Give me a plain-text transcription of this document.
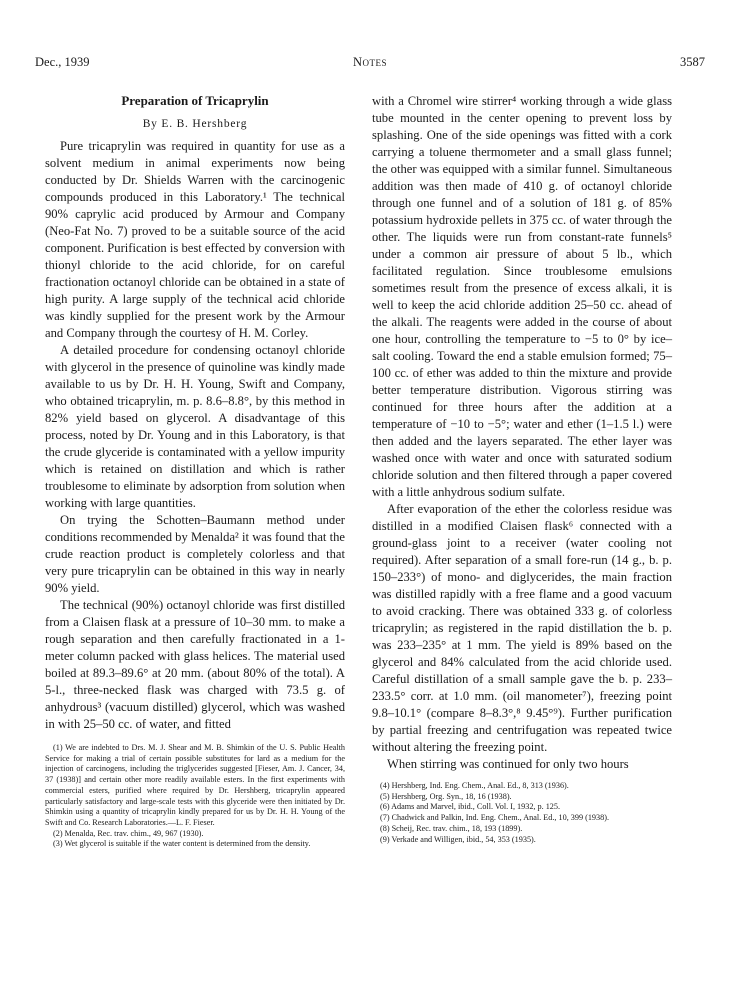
Dec., 1939	Notes	3587
Preparation of Tricaprylin
By E. B. Hershberg

Pure tricaprylin was required in quantity for use as a solvent medium in animal experiments now being conducted by Dr. Shields Warren with the carcinogenic compounds produced in this Laboratory.¹ The technical 90% caprylic acid produced by Armour and Company (Neo-Fat No. 7) proved to be a suitable source of the acid component. Purification is best effected by conversion with thionyl chloride to the acid chloride, for on careful fractionation octanoyl chloride can be obtained in a state of high purity. A large supply of the technical acid chloride was kindly supplied for the present work by the Armour and Company through the courtesy of H. M. Corley.

A detailed procedure for condensing octanoyl chloride with glycerol in the presence of quinoline was kindly made available to us by Dr. H. H. Young, Swift and Company, who obtained tricaprylin, m. p. 8.6–8.8°, by this method in 82% yield based on glycerol. A disadvantage of this process, noted by Dr. Young and in this Laboratory, is that the crude glyceride is contaminated with a yellow impurity which is retained on distillation and which is rather troublesome to eliminate by adsorption from solution when working with large quantities.

On trying the Schotten–Baumann method under conditions recommended by Menalda² it was found that the crude reaction product is completely colorless and that very pure tricaprylin can be obtained in this way in nearly 90% yield.

The technical (90%) octanoyl chloride was first distilled from a Claisen flask at a pressure of 10–30 mm. to make a rough separation and then carefully fractionated in a 1-meter column packed with glass helices. The material used boiled at 89.3–89.6° at 20 mm. (about 80% of the total). A 5-l., three-necked flask was charged with 73.5 g. of anhydrous³ (vacuum distilled) glycerol, which was washed in with 25–50 cc. of water, and fitted

(1) We are indebted to Drs. M. J. Shear and M. B. Shimkin of the U. S. Public Health Service for making a trial of certain possible substitutes for lard as a medium for the injection of carcinogens, including the triglycerides suggested [Fieser, Am. J. Cancer, 34, 37 (1938)] and certain other more readily available esters. In the first experiments with commercial esters, purified where required by Dr. Hershberg, tricaprylin appeared particularly satisfactory and large-scale tests with this glyceride were then initiated by Dr. Shimkin using a quantity of tricaprylin kindly prepared for us by Dr. H. H. Young of the Swift and Co. Research Laboratories.—L. F. Fieser.

(2) Menalda, Rec. trav. chim., 49, 967 (1930).

(3) Wet glycerol is suitable if the water content is determined from the density.

with a Chromel wire stirrer⁴ working through a wide glass tube mounted in the center opening to prevent loss by splashing. One of the side openings was fitted with a cork carrying a toluene thermometer and a small glass funnel; the other was equipped with a similar funnel. Simultaneous addition was then made of 410 g. of octanoyl chloride through one funnel and of a solution of 181 g. of 85% potassium hydroxide pellets in 375 cc. of water through the other. The liquids were run from constant-rate funnels⁵ under a common air pressure of about 5 lb., which facilitated regulation. Since troublesome emulsions sometimes result from the presence of excess alkali, it is well to keep the acid chloride addition 25–50 cc. ahead of the alkali. The reagents were added in the course of about one hour, controlling the temperature to −5 to 0° by ice–salt cooling. Toward the end a stable emulsion formed; 75–100 cc. of ether was added to thin the mixture and provide better temperature distribution. Vigorous stirring was continued for three hours after the addition at a temperature of −10 to −5°; water and ether (1–1.5 l.) were then added and the layers separated. The ether layer was washed once with water and once with saturated sodium chloride solution and then filtered through a paper covered with a little anhydrous sodium sulfate.

After evaporation of the ether the colorless residue was distilled in a modified Claisen flask⁶ connected with a ground-glass joint to a receiver (water cooling not required). After separation of a small fore-run (14 g., b. p. 150–233°) of mono- and diglycerides, the main fraction was distilled rapidly with a free flame and a good vacuum to avoid cracking. There was obtained 333 g. of colorless tricaprylin; as registered in the rapid distillation the b. p. was 233–235° at 1 mm. The yield is 89% based on the glycerol and 84% calculated from the acid chloride used. Careful distillation of a small sample gave the b. p. 233–233.5° corr. at 1.0 mm. (oil manometer⁷), freezing point 9.8–10.1° (compare 8–8.3°,⁸ 9.45°⁹). Further purification by partial freezing and centrifugation was repeated twice without altering the freezing point.

When stirring was continued for only two hours

(4) Hershberg, Ind. Eng. Chem., Anal. Ed., 8, 313 (1936).

(5) Hershberg, Org. Syn., 18, 16 (1938).

(6) Adams and Marvel, ibid., Coll. Vol. I, 1932, p. 125.

(7) Chadwick and Palkin, Ind. Eng. Chem., Anal. Ed., 10, 399 (1938).

(8) Scheij, Rec. trav. chim., 18, 193 (1899).

(9) Verkade and Willigen, ibid., 54, 353 (1935).
